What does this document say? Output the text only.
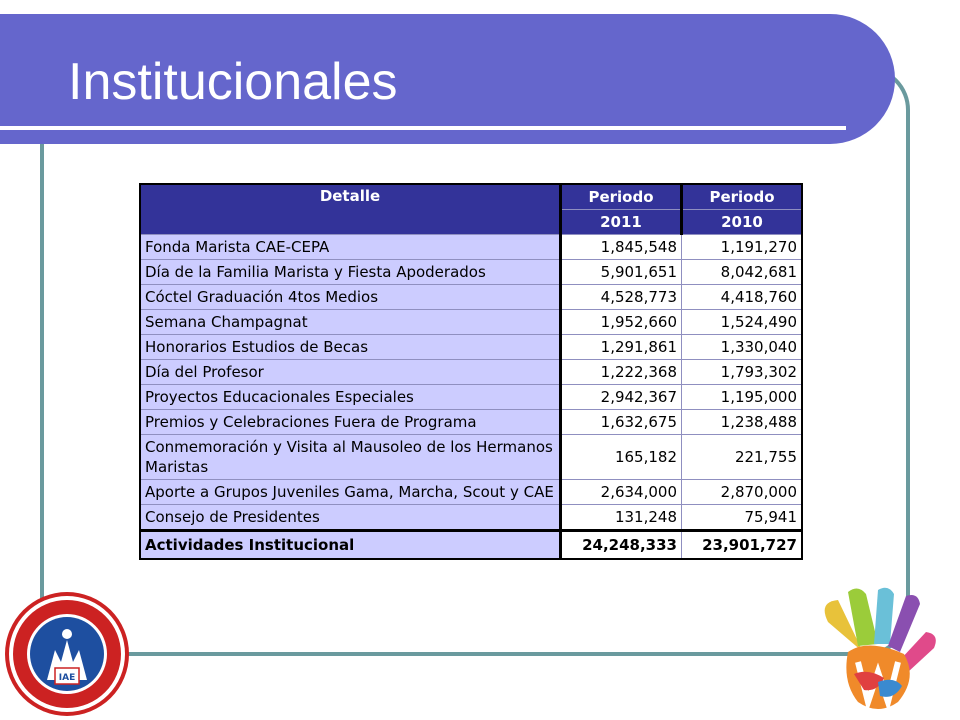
Institucionales
Detalle	Periodo	Periodo
	2011	2010
Fonda Marista CAE-CEPA	1,845,548	1,191,270
Día de la Familia Marista y Fiesta Apoderados	5,901,651	8,042,681
Cóctel Graduación 4tos Medios	4,528,773	4,418,760
Semana Champagnat	1,952,660	1,524,490
Honorarios Estudios de Becas	1,291,861	1,330,040
Día del Profesor	1,222,368	1,793,302
Proyectos Educacionales Especiales	2,942,367	1,195,000
Premios y Celebraciones Fuera de Programa	1,632,675	1,238,488
Conmemoración y Visita al Mausoleo de los Hermanos Maristas	165,182	221,755
Aporte a Grupos Juveniles Gama, Marcha, Scout y CAE	2,634,000	2,870,000
Consejo de Presidentes	131,248	75,941
Actividades Institucional	24,248,333	23,901,727
IAE
MARISTAS
